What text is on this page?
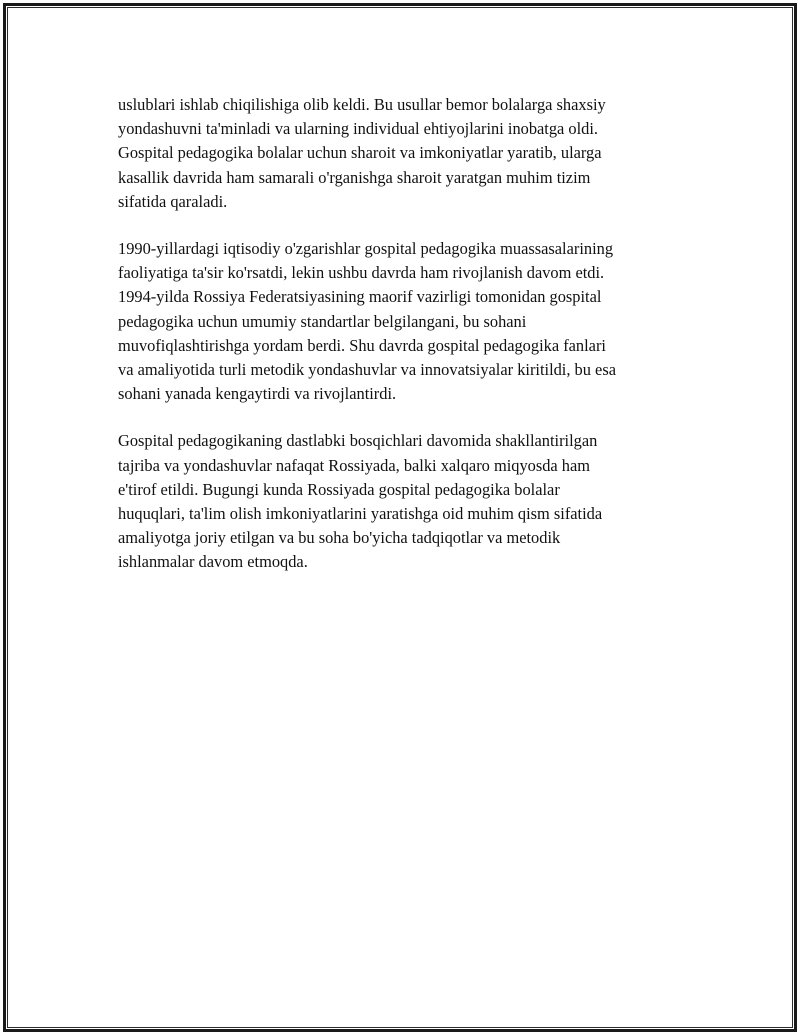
uslublari ishlab chiqilishiga olib keldi. Bu usullar bemor bolalarga shaxsiy
yondashuvni ta'minladi va ularning individual ehtiyojlarini inobatga oldi.
Gospital pedagogika bolalar uchun sharoit va imkoniyatlar yaratib, ularga
kasallik davrida ham samarali o'rganishga sharoit yaratgan muhim tizim
sifatida qaraladi.

1990-yillardagi iqtisodiy o'zgarishlar gospital pedagogika muassasalarining
faoliyatiga ta'sir ko'rsatdi, lekin ushbu davrda ham rivojlanish davom etdi.
1994-yilda Rossiya Federatsiyasining maorif vazirligi tomonidan gospital
pedagogika uchun umumiy standartlar belgilangani, bu sohani
muvofiqlashtirishga yordam berdi. Shu davrda gospital pedagogika fanlari
va amaliyotida turli metodik yondashuvlar va innovatsiyalar kiritildi, bu esa
sohani yanada kengaytirdi va rivojlantirdi.

Gospital pedagogikaning dastlabki bosqichlari davomida shakllantirilgan
tajriba va yondashuvlar nafaqat Rossiyada, balki xalqaro miqyosda ham
e'tirof etildi. Bugungi kunda Rossiyada gospital pedagogika bolalar
huquqlari, ta'lim olish imkoniyatlarini yaratishga oid muhim qism sifatida
amaliyotga joriy etilgan va bu soha bo'yicha tadqiqotlar va metodik
ishlanmalar davom etmoqda.
